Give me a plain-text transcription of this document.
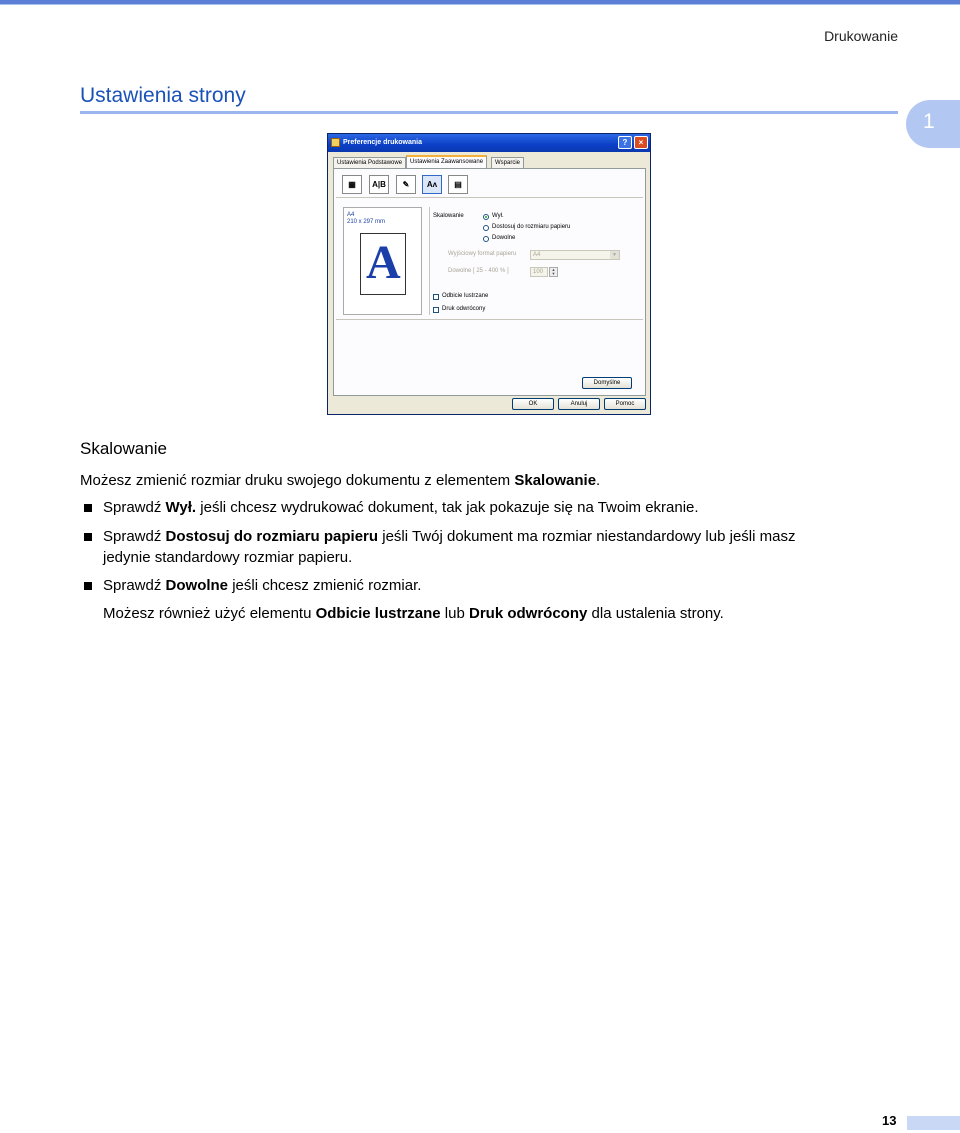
Drukowanie
Ustawienia strony
1
Preferencje drukowania	?	×
Ustawienia Podstawowe	Ustawienia Zaawansowane	Wsparcie
▦	A|B	✎	Aʌ	▤
A4
210 x 297 mm
A
Skalowanie	Wył.
Dostosuj do rozmiaru papieru
Dowolne
Wyjściowy format papieru	A4	▼
Dowolne [ 25 - 400 % ]	100	▲
▼
Odbicie lustrzane
Druk odwrócony
Domyślne
OK	Anuluj	Pomoc
Skalowanie
Możesz zmienić rozmiar druku swojego dokumentu z elementem Skalowanie.
Sprawdź Wył. jeśli chcesz wydrukować dokument, tak jak pokazuje się na Twoim ekranie.
Sprawdź Dostosuj do rozmiaru papieru jeśli Twój dokument ma rozmiar niestandardowy lub jeśli masz
jedynie standardowy rozmiar papieru.
Sprawdź Dowolne jeśli chcesz zmienić rozmiar.
Możesz również użyć elementu Odbicie lustrzane lub Druk odwrócony dla ustalenia strony.
13
